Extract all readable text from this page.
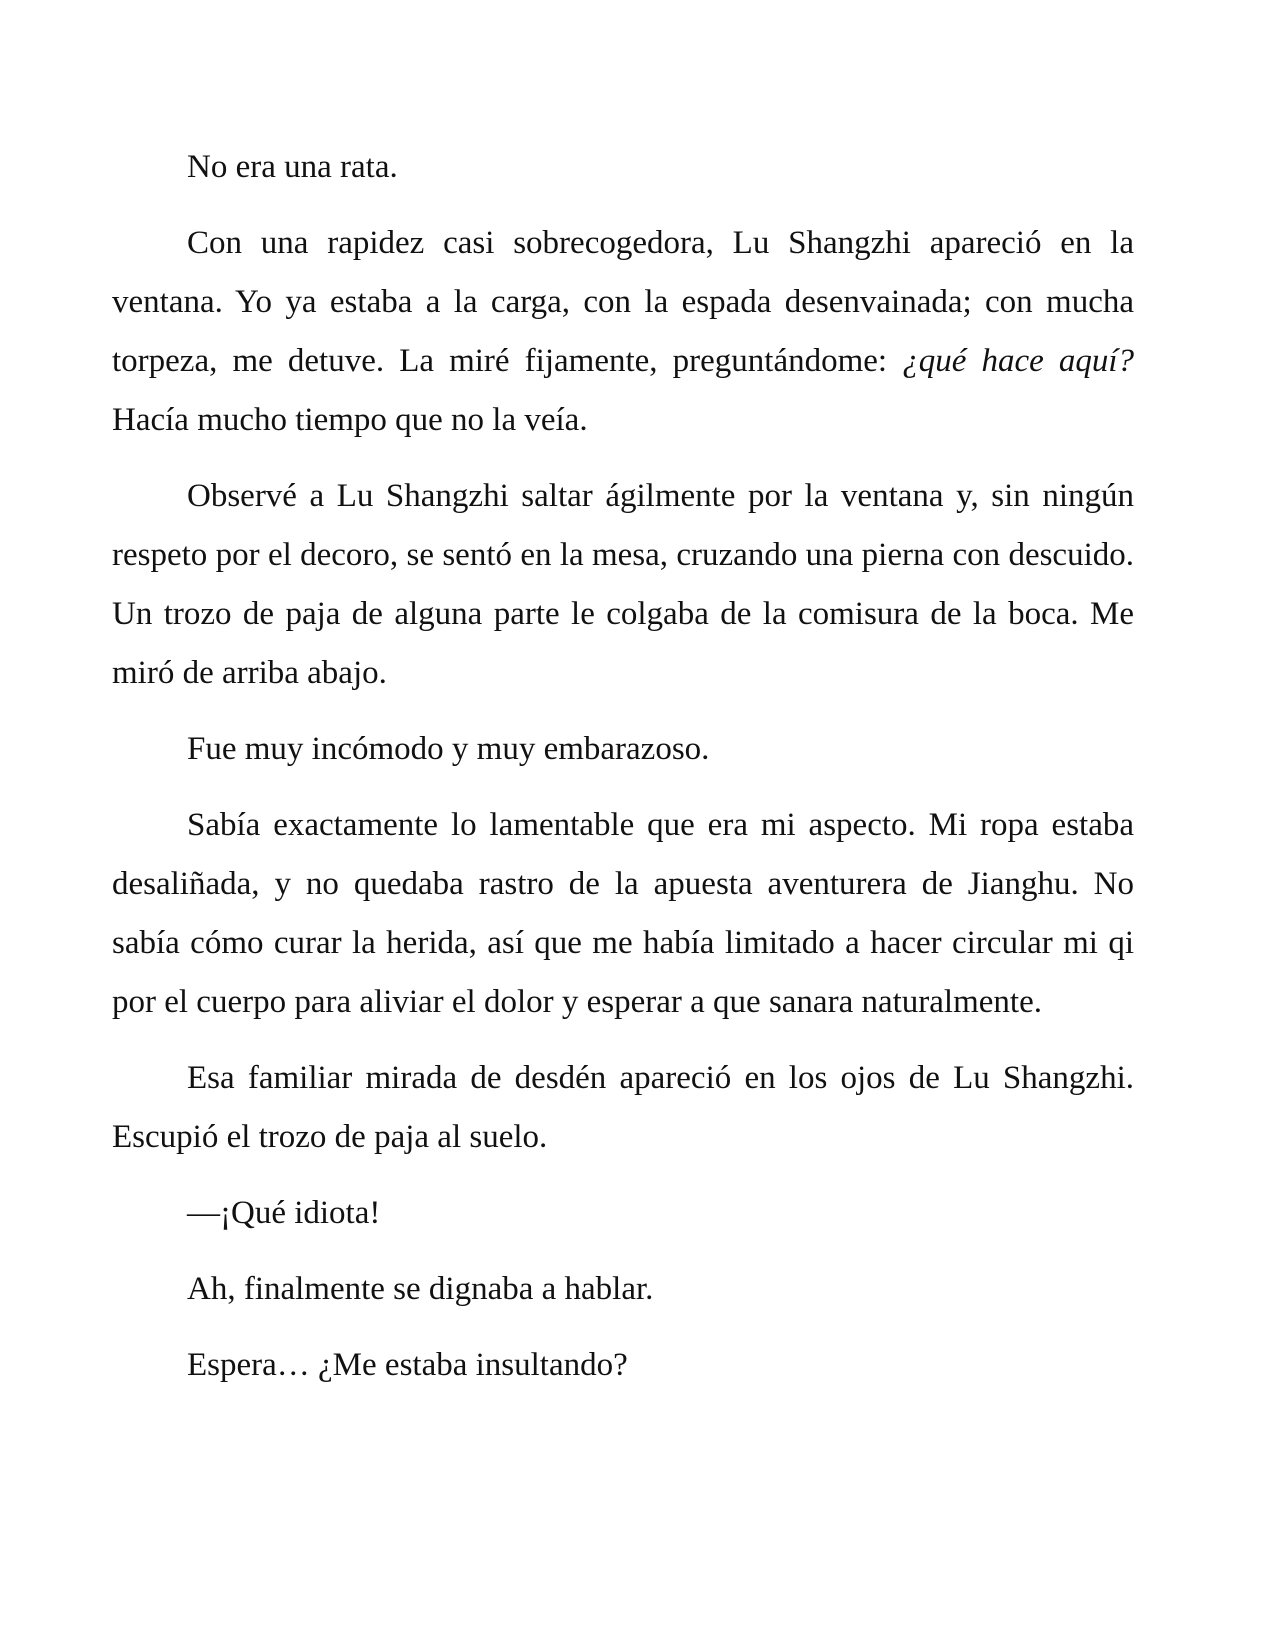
No era una rata.

Con una rapidez casi sobrecogedora, Lu Shangzhi apareció en la ventana. Yo ya estaba a la carga, con la espada desenvainada; con mucha torpeza, me detuve. La miré fijamente, preguntándome: ¿qué hace aquí? Hacía mucho tiempo que no la veía.

Observé a Lu Shangzhi saltar ágilmente por la ventana y, sin ningún respeto por el decoro, se sentó en la mesa, cruzando una pierna con descuido. Un trozo de paja de alguna parte le colgaba de la comisura de la boca. Me miró de arriba abajo.

Fue muy incómodo y muy embarazoso.

Sabía exactamente lo lamentable que era mi aspecto. Mi ropa estaba desaliñada, y no quedaba rastro de la apuesta aventurera de Jianghu. No sabía cómo curar la herida, así que me había limitado a hacer circular mi qi por el cuerpo para aliviar el dolor y esperar a que sanara naturalmente.

Esa familiar mirada de desdén apareció en los ojos de Lu Shangzhi. Escupió el trozo de paja al suelo.

—¡Qué idiota!

Ah, finalmente se dignaba a hablar.

Espera… ¿Me estaba insultando?
